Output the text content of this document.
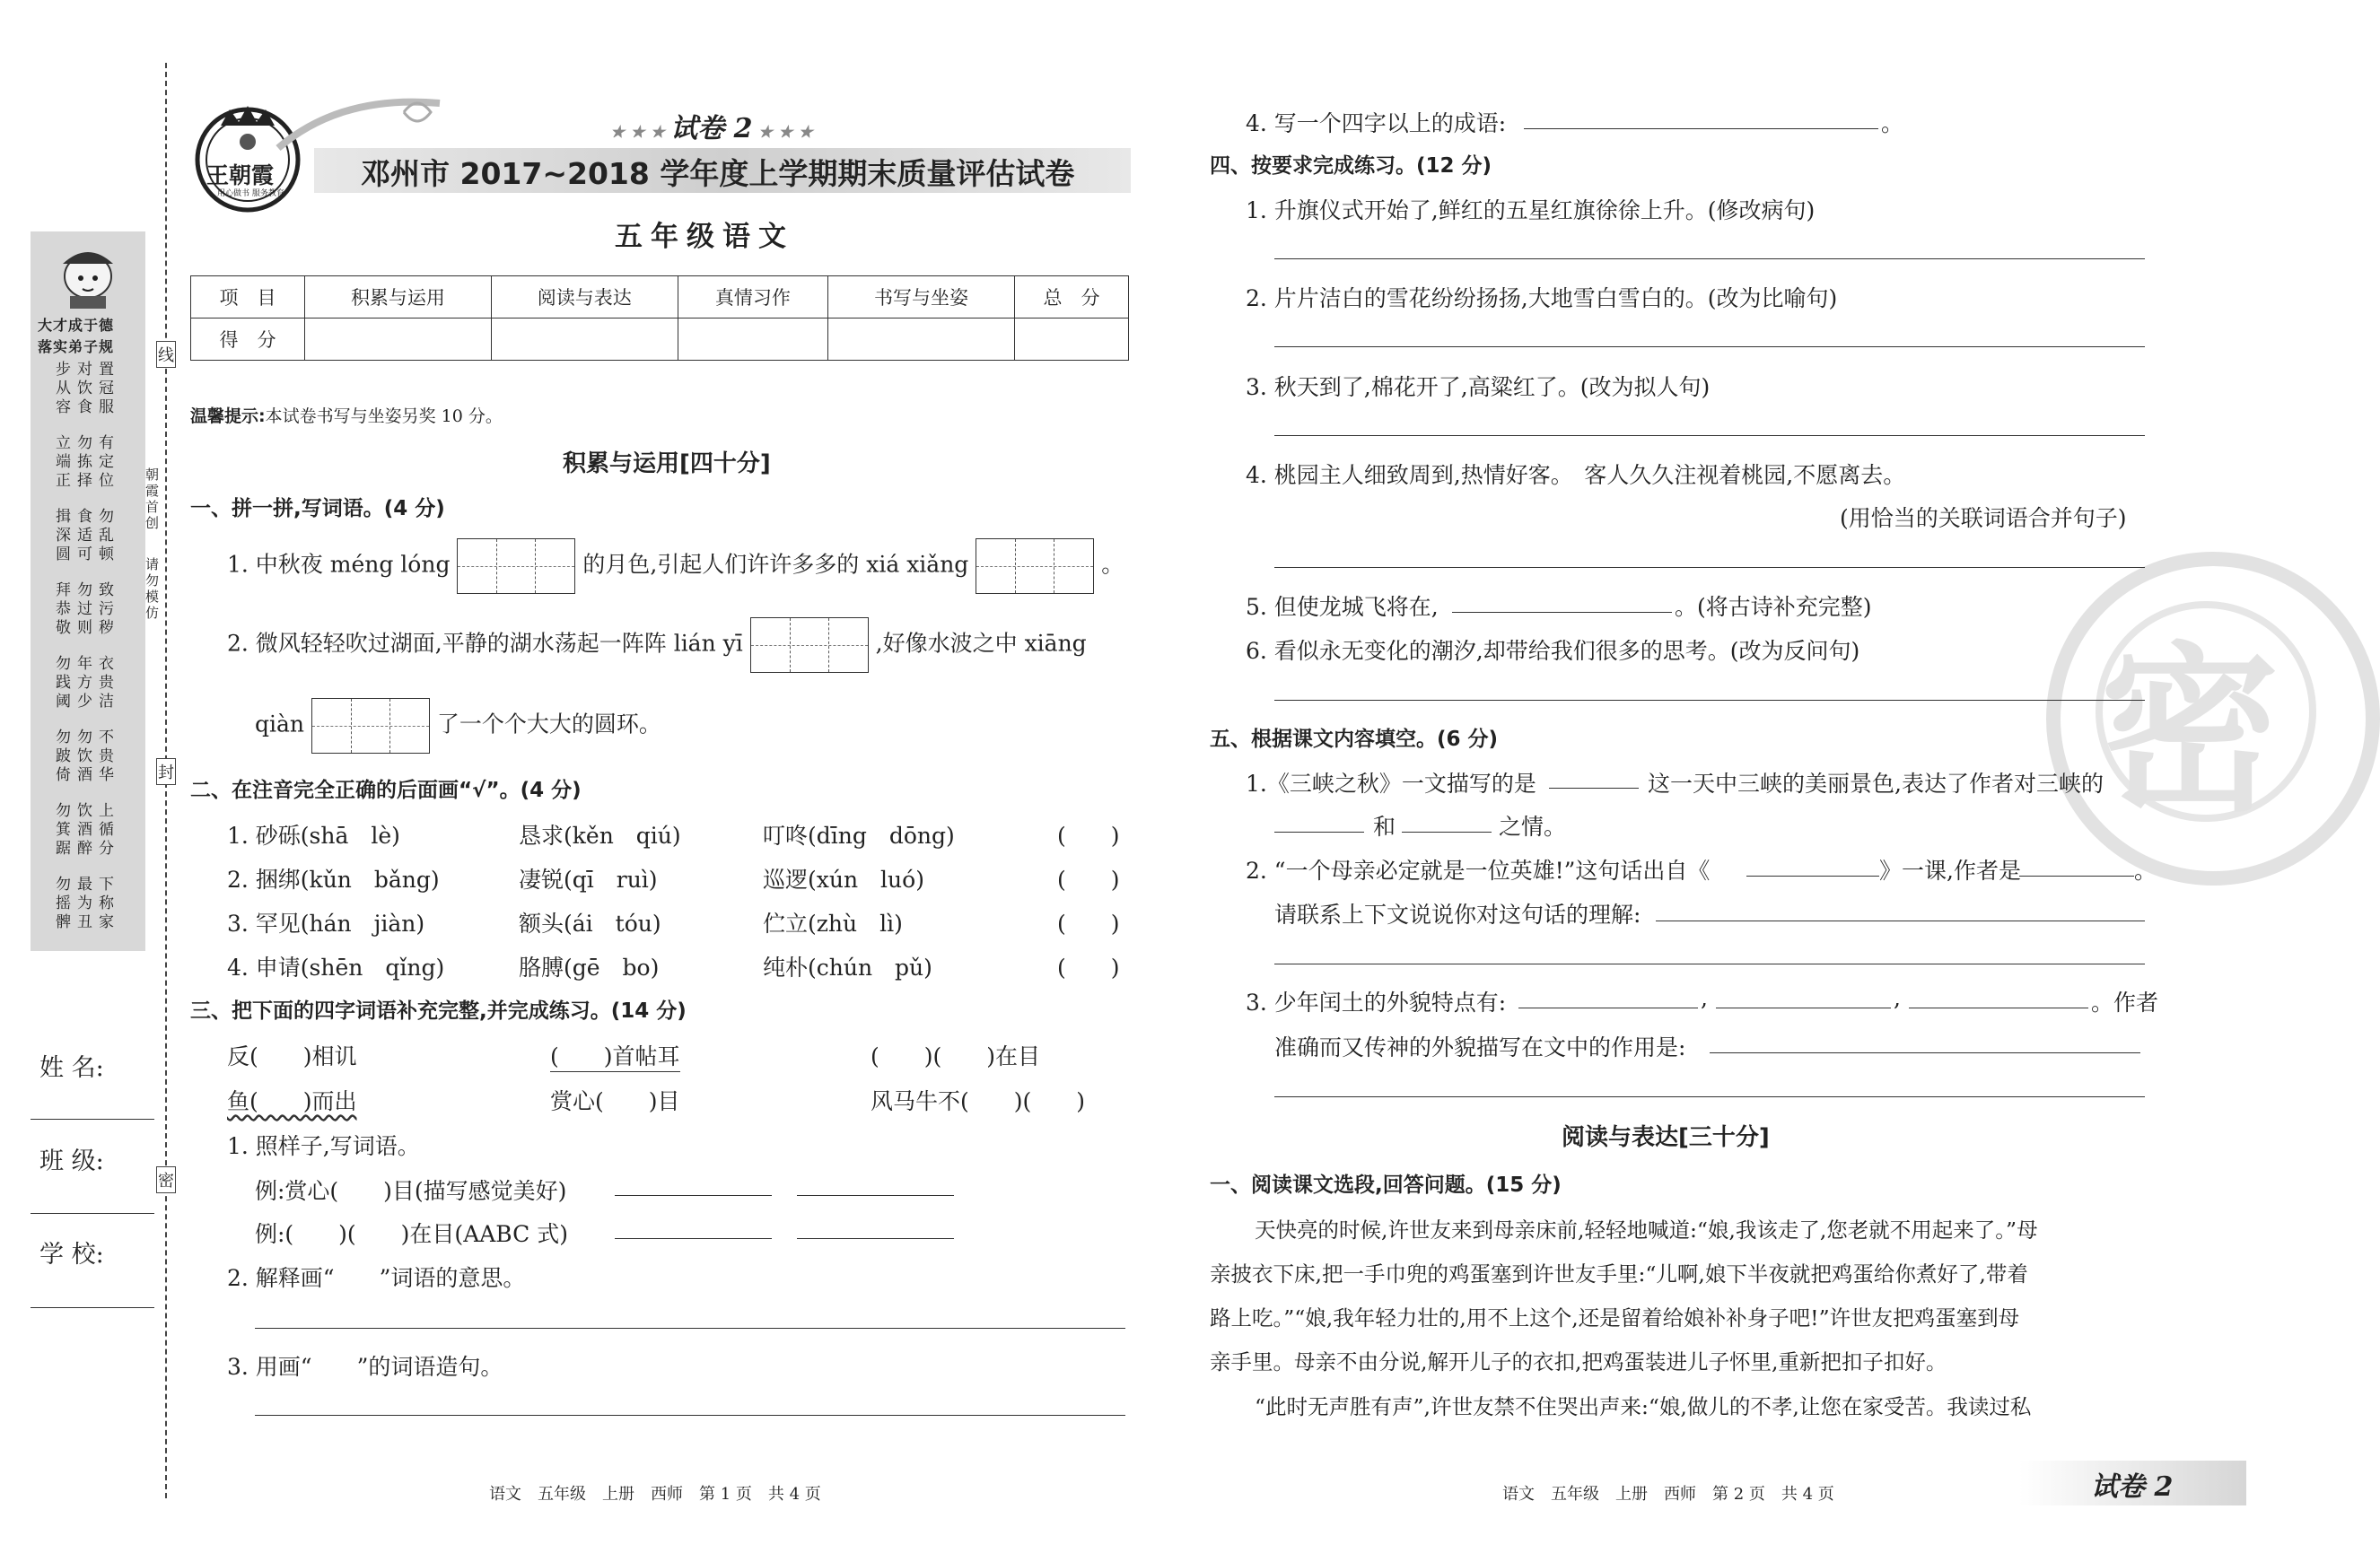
大才成于德
落实弟子规
步从容
对饮食
置冠服
立端正
勿拣择
有定位
揖深圆
食适可
勿乱顿
拜恭敬
勿过则
致污秽
勿践阈
年方少
衣贵洁
勿跛倚
勿饮酒
不贵华
勿箕踞
饮酒醉
上循分
勿摇髀
最为丑
下称家
姓 名:
班 级:
学 校:
线
封
密
朝霞首创
请勿模仿
王朝霞
用心做书 服务教育
★ ★ ★ 试卷 2 ★ ★ ★
邓州市 2017~2018 学年度上学期期末质量评估试卷
五年级语文
项　目	积累与运用	阅读与表达	真情习作	书写与坐姿	总　分
得　分					
温馨提示:本试卷书写与坐姿另奖 10 分。
积累与运用[四十分]
一、拼一拼,写词语。(4 分)
1. 中秋夜 méng lóng	的月色,引起人们许许多多的 xiá xiǎng	。
2. 微风轻轻吹过湖面,平静的湖水荡起一阵阵 lián yī	,好像水波之中 xiāng
qiàn	了一个个大大的圆环。
二、在注音完全正确的后面画“√”。(4 分)
1. 砂砾(shā　lè)	恳求(kěn　qiú)	叮咚(dīng　dōng)	(　　)
2. 捆绑(kǔn　bǎng)	凄锐(qī　ruì)	巡逻(xún　luó)	(　　)
3. 罕见(hán　jiàn)	额头(ái　tóu)	伫立(zhù　lì)	(　　)
4. 申请(shēn　qǐng)	胳膊(gē　bo)	纯朴(chún　pǔ)	(　　)
三、把下面的四字词语补充完整,并完成练习。(14 分)
反(　　)相讥	(　　)首帖耳	(　　)(　　)在目
鱼(　　)而出	赏心(　　)目	风马牛不(　　)(　　)
1. 照样子,写词语。
例:赏心(　　)目(描写感觉美好)
例:(　　)(　　)在目(AABC 式)
2. 解释画“　　”词语的意思。
3. 用画“　　”的词语造句。
语文　五年级　上册　西师　第 1 页　共 4 页
密
4. 写一个四字以上的成语:	。
四、按要求完成练习。(12 分)
1. 升旗仪式开始了,鲜红的五星红旗徐徐上升。(修改病句)
2. 片片洁白的雪花纷纷扬扬,大地雪白雪白的。(改为比喻句)
3. 秋天到了,棉花开了,高粱红了。(改为拟人句)
4. 桃园主人细致周到,热情好客。　客人久久注视着桃园,不愿离去。
(用恰当的关联词语合并句子)
5. 但使龙城飞将在,	。(将古诗补充完整)
6. 看似永无变化的潮汐,却带给我们很多的思考。(改为反问句)
五、根据课文内容填空。(6 分)
1.《三峡之秋》一文描写的是	这一天中三峡的美丽景色,表达了作者对三峡的
和	之情。
2. “一个母亲必定就是一位英雄!”这句话出自《	》一课,作者是	。
请联系上下文说说你对这句话的理解:
3. 少年闰土的外貌特点有:	,	,	。作者
准确而又传神的外貌描写在文中的作用是:
阅读与表达[三十分]
一、阅读课文选段,回答问题。(15 分)
天快亮的时候,许世友来到母亲床前,轻轻地喊道:“娘,我该走了,您老就不用起来了。”母
亲披衣下床,把一手巾兜的鸡蛋塞到许世友手里:“儿啊,娘下半夜就把鸡蛋给你煮好了,带着
路上吃。”“娘,我年轻力壮的,用不上这个,还是留着给娘补补身子吧!”许世友把鸡蛋塞到母
亲手里。母亲不由分说,解开儿子的衣扣,把鸡蛋装进儿子怀里,重新把扣子扣好。
“此时无声胜有声”,许世友禁不住哭出声来:“娘,做儿的不孝,让您在家受苦。我读过私
语文　五年级　上册　西师　第 2 页　共 4 页	试卷 2
